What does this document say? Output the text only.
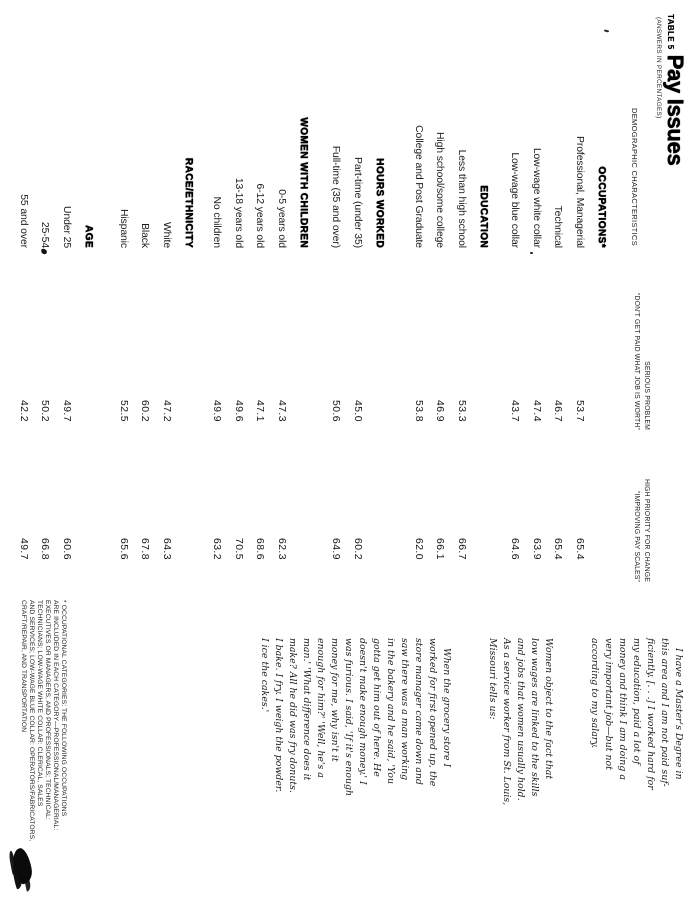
TABLE 5
Pay Issues
(ANSWERS IN PERCENTAGES)
DEMOGRAPHIC CHARACTERISTICS
SERIOUS PROBLEM
“DON'T GET PAID WHAT JOB IS WORTH”
HIGH PRIORITY FOR CHANGE
“IMPROVING PAY SCALES”
OCCUPATIONS*
Professional, Managerial
53.7
65.4
Technical
46.7
65.4
Low-wage white collar
47.4
63.9
Low-wage blue collar
43.7
64.6
EDUCATION
Less than high school
53.3
66.7
High school/some college
46.9
66.1
College and Post Graduate
53.8
62.0
HOURS WORKED
Part-time (under 35)
45.0
60.2
Full-time (35 and over)
50.6
64.9
WOMEN WITH CHILDREN
0-5 years old
47.3
62.3
6-12 years old
47.1
68.6
13-18 years old
49.6
70.5
No children
49.9
63.2
RACE/ETHNICITY
White
47.2
64.3
Black
60.2
67.8
Hispanic
52.5
65.6
AGE
Under 25
49.7
60.6
25-54
50.2
66.8
55 and over
42.2
49.7
I have a Master's Degree in
this area and I am not paid suf-
ficiently. [. . .] I worked hard for
my education, paid a lot of
money and think I am doing a
very important job—but not
according to my salary.
Women object to the fact that
low wages are linked to the skills
and jobs that women usually hold.
As a service worker from St. Louis,
Missouri tells us:
When the grocery store I
worked for first opened up, the
store manager came down and
saw there was a man working
in the bakery and he said, 'You
gotta get him out of here. He
doesn't make enough money.' I
was furious. I said, 'If it's enough
money for me, why isn't it
enough for him?' 'Well, he's a
man.' 'What difference does it
make? All he did was fry donuts.
I bake. I fry. I weigh the powder.
I ice the cakes.'
* OCCUPATIONAL CATEGORIES: THE FOLLOWING OCCUPATIONS
ARE INCLUDED IN EACH CATEGORY—PROFESSIONAL/MANAGERIAL:
EXECUTIVES OR MANAGERS, AND PROFESSIONALS; TECHNICAL:
TECHNICIANS; LOW-WAGE WHITE COLLAR: CLERICAL, SALES
AND SERVICES; LOW-WAGE BLUE COLLAR: OPERATORS/FABRICATORS,
CRAFT/REPAIR, AND TRANSPORTATION
